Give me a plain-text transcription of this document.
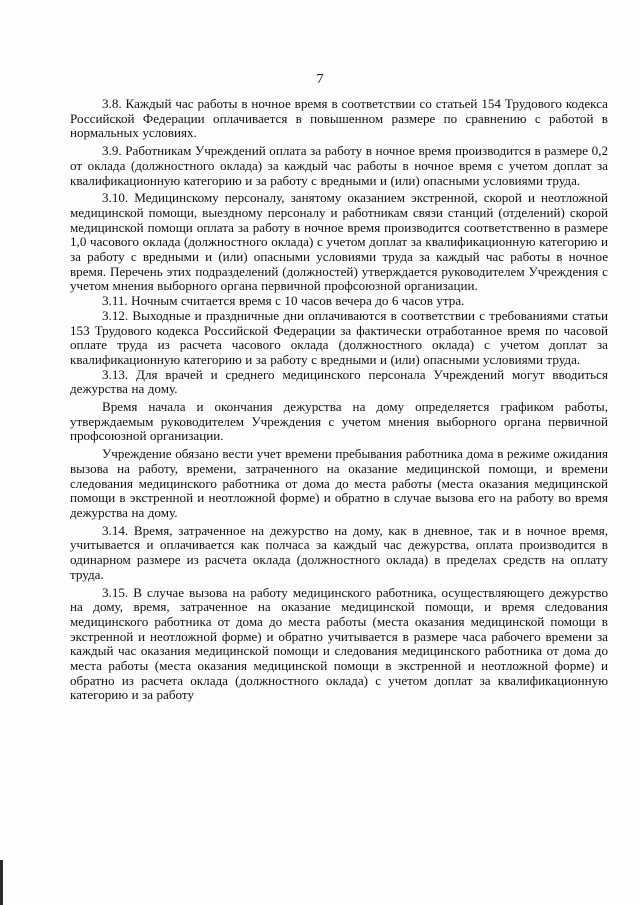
7

3.8. Каждый час работы в ночное время в соответствии со статьей 154 Трудового кодекса Российской Федерации оплачивается в повышенном размере по сравнению с работой в нормальных условиях.

3.9. Работникам Учреждений оплата за работу в ночное время производится в размере 0,2 от оклада (должностного оклада) за каждый час работы в ночное время с учетом доплат за квалификационную категорию и за работу с вредными и (или) опасными условиями труда.

3.10. Медицинскому персоналу, занятому оказанием экстренной, скорой и неотложной медицинской помощи, выездному персоналу и работникам связи станций (отделений) скорой медицинской помощи оплата за работу в ночное время производится соответственно в размере 1,0 часового оклада (должностного оклада) с учетом доплат за квалификационную категорию и за работу с вредными и (или) опасными условиями труда за каждый час работы в ночное время. Перечень этих подразделений (должностей) утверждается руководителем Учреждения с учетом мнения выборного органа первичной профсоюзной организации.

3.11. Ночным считается время с 10 часов вечера до 6 часов утра.

3.12. Выходные и праздничные дни оплачиваются в соответствии с требованиями статьи 153 Трудового кодекса Российской Федерации за фактически отработанное время по часовой оплате труда из расчета часового оклада (должностного оклада) с учетом доплат за квалификационную категорию и за работу с вредными и (или) опасными условиями труда.

3.13. Для врачей и среднего медицинского персонала Учреждений могут вводиться дежурства на дому.

Время начала и окончания дежурства на дому определяется графиком работы, утверждаемым руководителем Учреждения с учетом мнения выборного органа первичной профсоюзной организации.

Учреждение обязано вести учет времени пребывания работника дома в режиме ожидания вызова на работу, времени, затраченного на оказание медицинской помощи, и времени следования медицинского работника от дома до места работы (места оказания медицинской помощи в экстренной и неотложной форме) и обратно в случае вызова его на работу во время дежурства на дому.

3.14. Время, затраченное на дежурство на дому, как в дневное, так и в ночное время, учитывается и оплачивается как полчаса за каждый час дежурства, оплата производится в одинарном размере из расчета оклада (должностного оклада) в пределах средств на оплату труда.

3.15. В случае вызова на работу медицинского работника, осуществляющего дежурство на дому, время, затраченное на оказание медицинской помощи, и время следования медицинского работника от дома до места работы (места оказания медицинской помощи в экстренной и неотложной форме) и обратно учитывается в размере часа рабочего времени за каждый час оказания медицинской помощи и следования медицинского работника от дома до места работы (места оказания медицинской помощи в экстренной и неотложной форме) и обратно из расчета оклада (должностного оклада) с учетом доплат за квалификационную категорию и за работу
